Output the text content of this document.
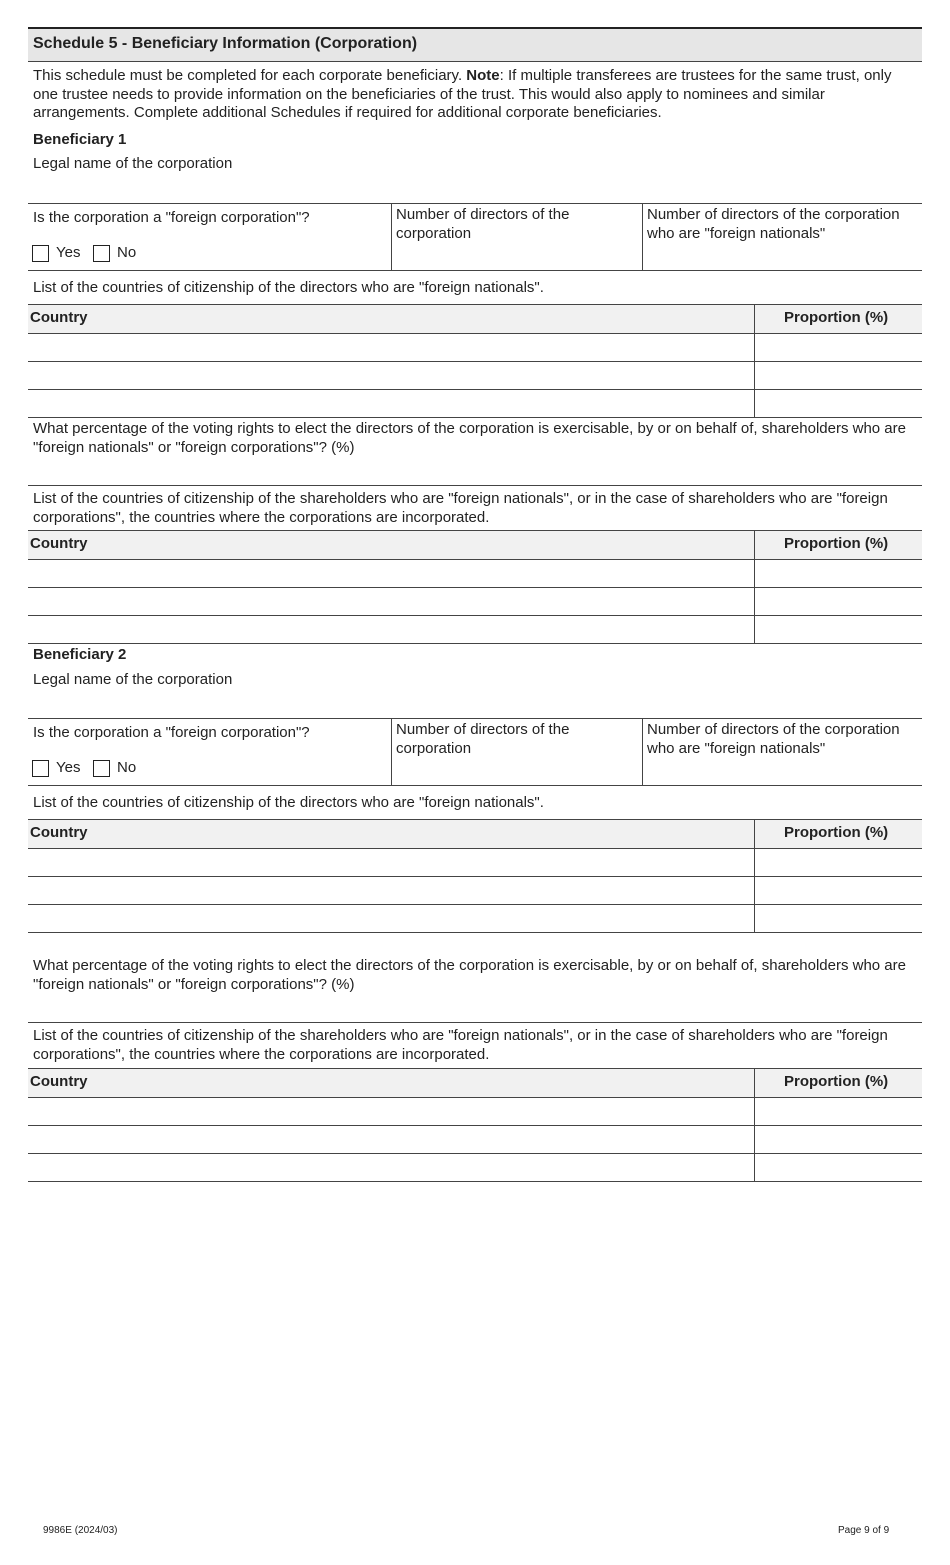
Schedule 5 - Beneficiary Information (Corporation)
This schedule must be completed for each corporate beneficiary. Note: If multiple transferees are trustees for the same trust, only one trustee needs to provide information on the beneficiaries of the trust. This would also apply to nominees and similar arrangements. Complete additional Schedules if required for additional corporate beneficiaries.
Beneficiary 1
Legal name of the corporation
Is the corporation a "foreign corporation"?
Yes No
Number of directors of the corporation
Number of directors of the corporation who are "foreign nationals"
List of the countries of citizenship of the directors who are "foreign nationals".
Country	Proportion (%)
What percentage of the voting rights to elect the directors of the corporation is exercisable, by or on behalf of, shareholders who are "foreign nationals" or "foreign corporations"? (%)
List of the countries of citizenship of the shareholders who are "foreign nationals", or in the case of shareholders who are "foreign corporations", the countries where the corporations are incorporated.
Country	Proportion (%)
Beneficiary 2
Legal name of the corporation
Is the corporation a "foreign corporation"?
Yes No
Number of directors of the corporation
Number of directors of the corporation who are "foreign nationals"
List of the countries of citizenship of the directors who are "foreign nationals".
Country	Proportion (%)
What percentage of the voting rights to elect the directors of the corporation is exercisable, by or on behalf of, shareholders who are "foreign nationals" or "foreign corporations"? (%)
List of the countries of citizenship of the shareholders who are "foreign nationals", or in the case of shareholders who are "foreign corporations", the countries where the corporations are incorporated.
Country	Proportion (%)
9986E (2024/03)	Page 9 of 9
